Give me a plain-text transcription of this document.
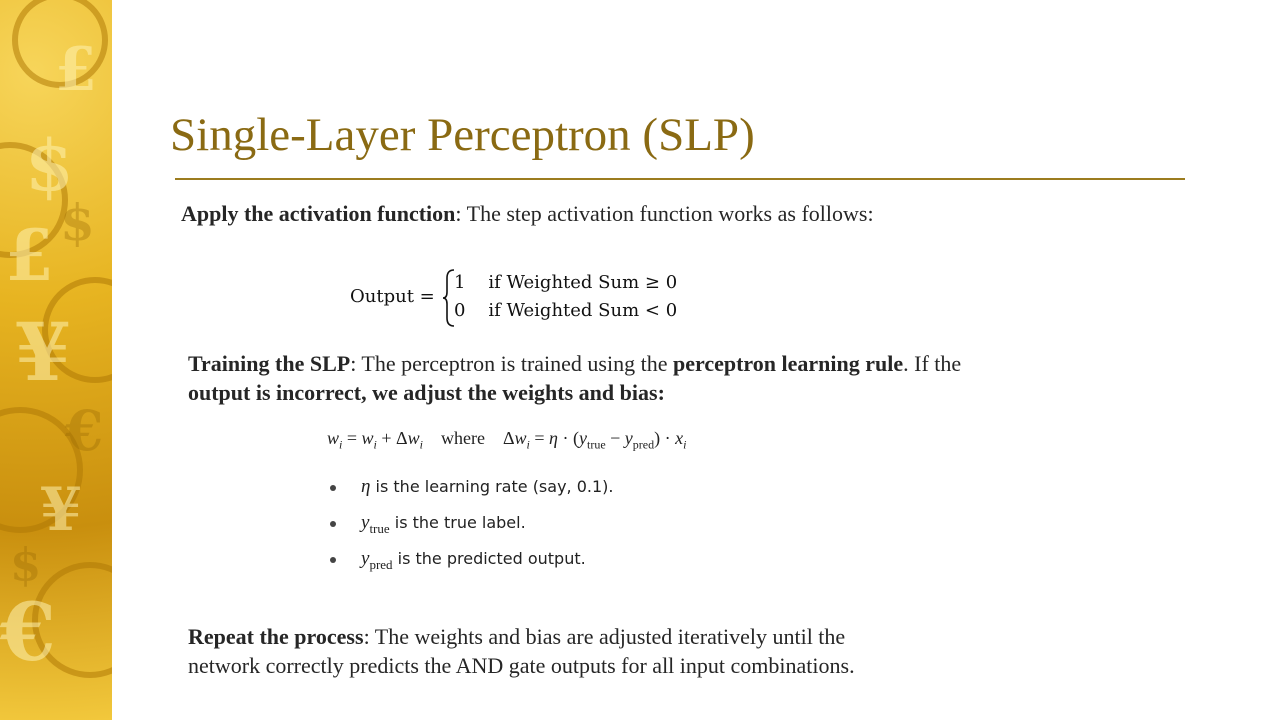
$
£
¥
¥
€
£
$
€
$
Single-Layer Perceptron (SLP)
Apply the activation function: The step activation function works as follows:
Output =
1 if Weighted Sum ≥ 0
0 if Weighted Sum < 0
Training the SLP: The perceptron is trained using the perceptron learning rule. If the
output is incorrect, we adjust the weights and bias:
$w_i = w_i + \Delta w_i$ where    $\Delta w_i = \eta \cdot (y_{true} - y_{pred}) \cdot x_i$
η is the learning rate (say, 0.1).
$y_{true}$ is the true label.
$y_{pred}$ is the predicted output.
Repeat the process: The weights and bias are adjusted iteratively until the
network correctly predicts the AND gate outputs for all input combinations.
